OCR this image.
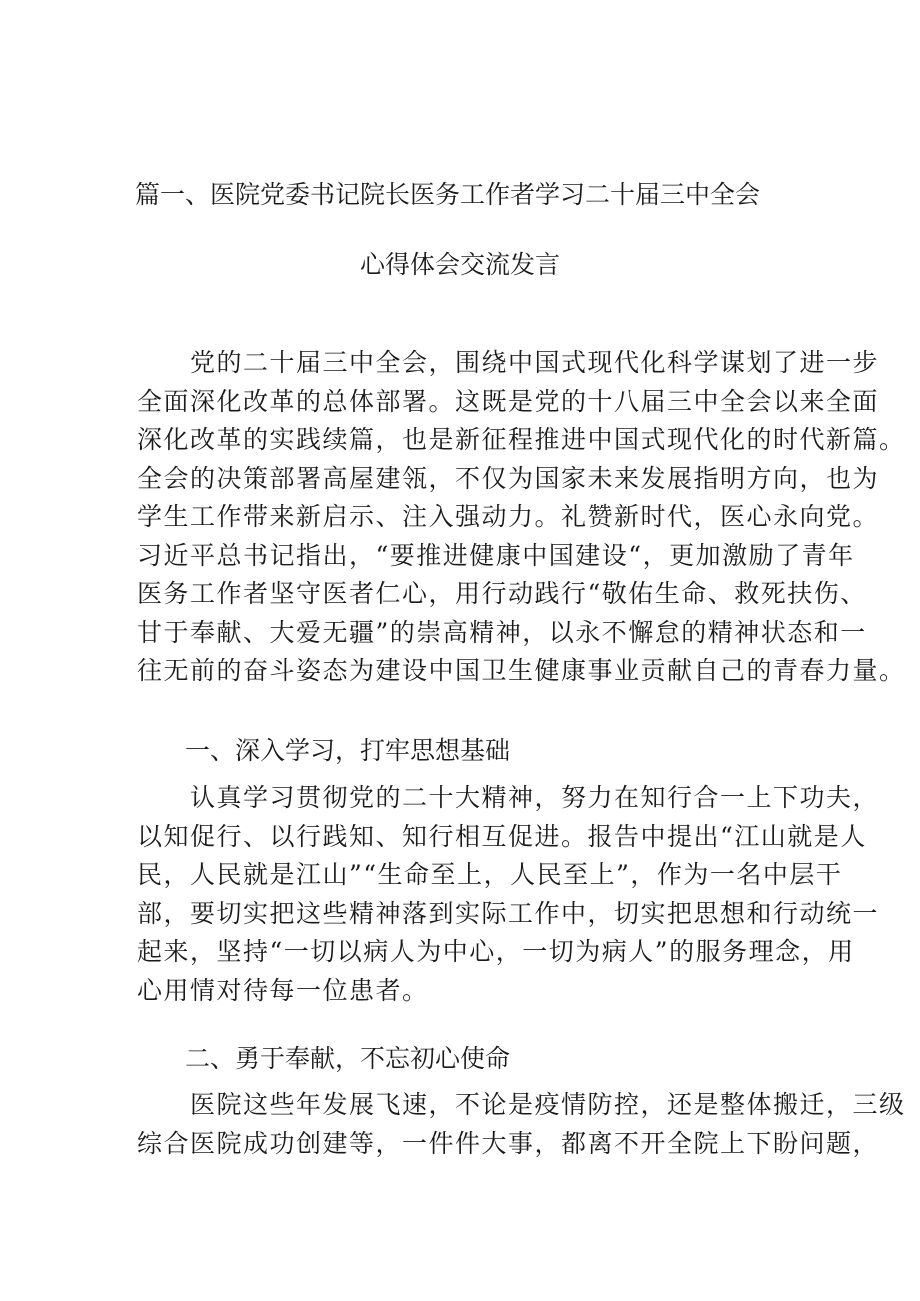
篇一、医院党委书记院长医务工作者学习二十届三中全会
心得体会交流发言
　　党的二十届三中全会，围绕中国式现代化科学谋划了进一步
全面深化改革的总体部署。这既是党的十八届三中全会以来全面
深化改革的实践续篇，也是新征程推进中国式现代化的时代新篇。
全会的决策部署高屋建瓴，不仅为国家未来发展指明方向，也为
学生工作带来新启示、注入强动力。礼赞新时代，医心永向党。
习近平总书记指出，“要推进健康中国建设“，更加激励了青年
医务工作者坚守医者仁心，用行动践行“敬佑生命、救死扶伤、
甘于奉献、大爱无疆”的崇高精神，以永不懈怠的精神状态和一
往无前的奋斗姿态为建设中国卫生健康事业贡献自己的青春力量。
一、深入学习，打牢思想基础
　　认真学习贯彻党的二十大精神，努力在知行合一上下功夫，
以知促行、以行践知、知行相互促进。报告中提出“江山就是人
民，人民就是江山”“生命至上，人民至上”，作为一名中层干
部，要切实把这些精神落到实际工作中，切实把思想和行动统一
起来，坚持“一切以病人为中心，一切为病人”的服务理念，用
心用情对待每一位患者。
二、勇于奉献，不忘初心使命
　　医院这些年发展飞速，不论是疫情防控，还是整体搬迁，三级
综合医院成功创建等，一件件大事，都离不开全院上下盼问题，
